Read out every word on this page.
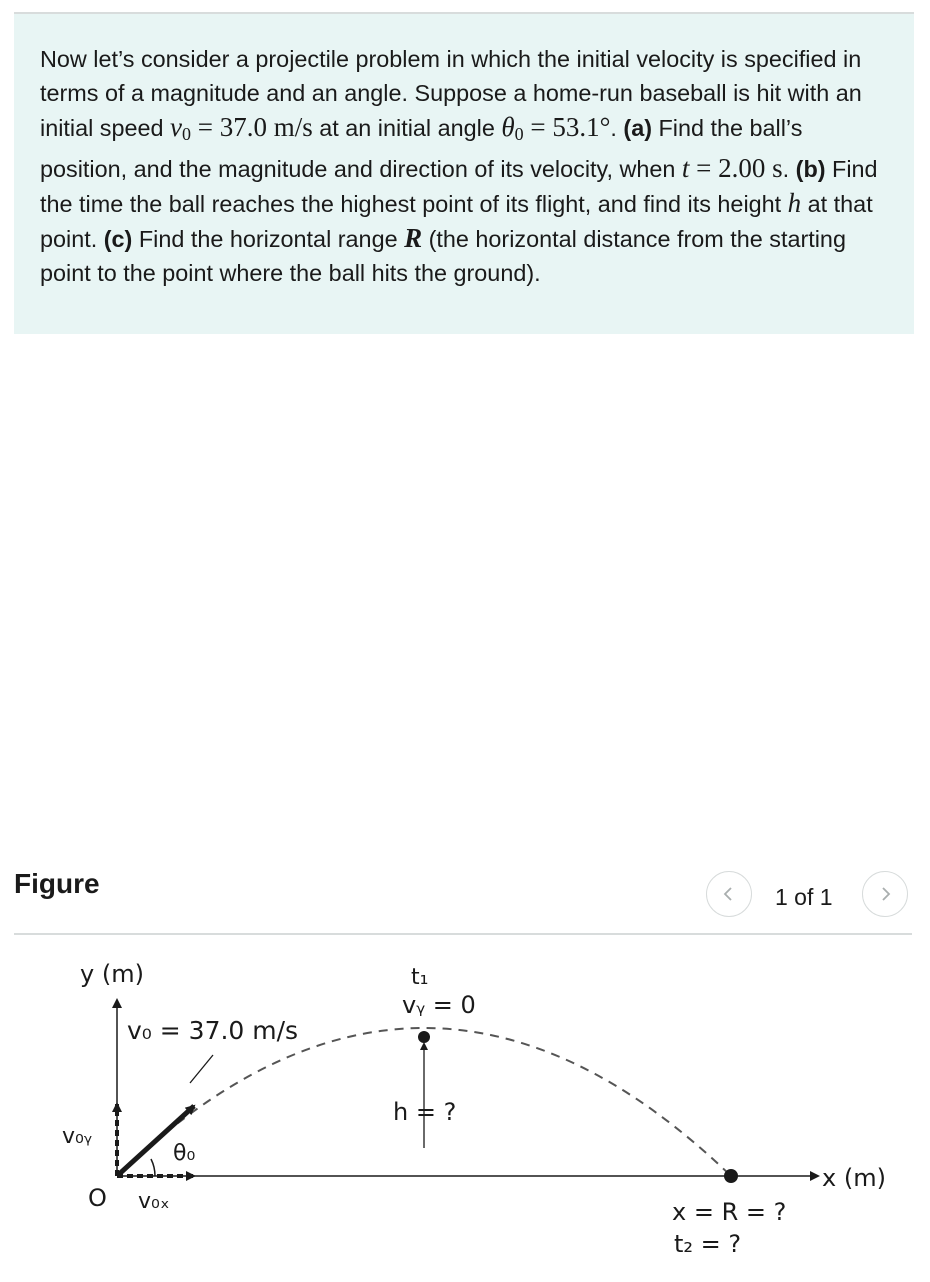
Now let’s consider a projectile problem in which the initial velocity is specified in terms of a magnitude and an angle. Suppose a home-run baseball is hit with an initial speed $v_0 = 37.0$ m/s at an initial angle $\theta_0 = 53.1^\circ$. (a) Find the ball’s position, and the magnitude and direction of its velocity, when t = 2.00 s. (b) Find the time the ball reaches the highest point of its flight, and find its height h at that point. (c) Find the horizontal range R (the horizontal distance from the starting point to the point where the ball hits the ground).

Figure	1 of 1
y (m)
x (m)
v₀ = 37.0 m/s
t₁
vᵧ = 0
h = ?
v₀ᵧ
v₀ₓ
θ₀
O	x = R = ?
t₂ = ?
